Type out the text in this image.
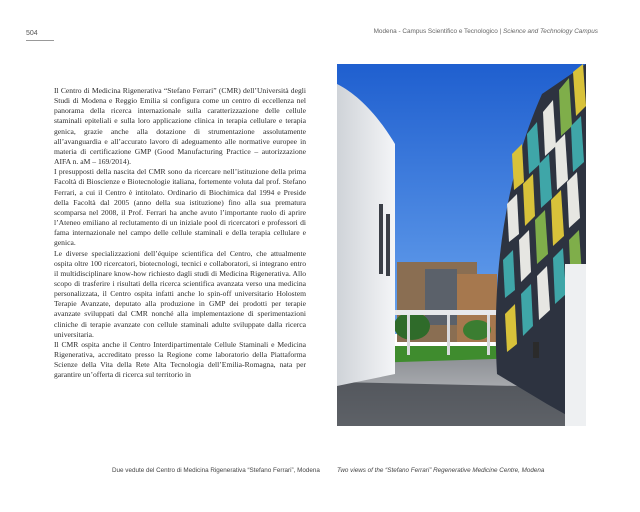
504	Modena - Campus Scientifico e Tecnologico | Science and Technology Campus

Il Centro di Medicina Rigenerativa “Stefano Ferrari” (CMR) dell’Università degli Studi di Modena e Reggio Emilia si configura come un centro di eccellenza nel panorama della ricerca internazionale sulla caratterizzazione delle cellule staminali epiteliali e sulla loro applicazione clinica in terapia cellulare e terapia genica, grazie anche alla dotazione di strumentazione assolutamente all’avanguardia e all’accurato lavoro di adeguamento alle normative europee in materia di certificazione GMP (Good Manufacturing Practice – autorizzazione AIFA n. aM – 169/2014).

I presupposti della nascita del CMR sono da ricercare nell’istituzione della prima Facoltà di Bioscienze e Biotecnologie italiana, fortemente voluta dal prof. Stefano Ferrari, a cui il Centro è intitolato. Ordinario di Biochimica dal 1994 e Preside della Facoltà dal 2005 (anno della sua istituzione) fino alla sua prematura scomparsa nel 2008, il Prof. Ferrari ha anche avuto l’importante ruolo di aprire l’Ateneo emiliano al reclutamento di un iniziale pool di ricercatori e professori di fama internazionale nel campo delle cellule staminali e della terapia cellulare e genica.

Le diverse specializzazioni dell’équipe scientifica del Centro, che attualmente ospita oltre 100 ricercatori, biotecnologi, tecnici e collaboratori, si integrano entro il multidisciplinare know-how richiesto dagli studi di Medicina Rigenerativa. Allo scopo di trasferire i risultati della ricerca scientifica avanzata verso una medicina personalizzata, il Centro ospita infatti anche lo spin-off universitario Holostem Terapie Avanzate, deputato alla produzione in GMP dei prodotti per terapie avanzate sviluppati dal CMR nonché alla implementazione di sperimentazioni cliniche di terapie avanzate con cellule staminali adulte sviluppate dalla ricerca universitaria.

Il CMR ospita anche il Centro Interdipartimentale Cellule Staminali e Medicina Rigenerativa, accreditato presso la Regione come laboratorio della Piattaforma Scienze della Vita della Rete Alta Tecnologia dell’Emilia-Romagna, nata per garantire un’offerta di ricerca sul territorio in

Due vedute del Centro di Medicina Rigenerativa “Stefano Ferrari”, Modena	Two views of the “Stefano Ferrari” Regenerative Medicine Centre, Modena
